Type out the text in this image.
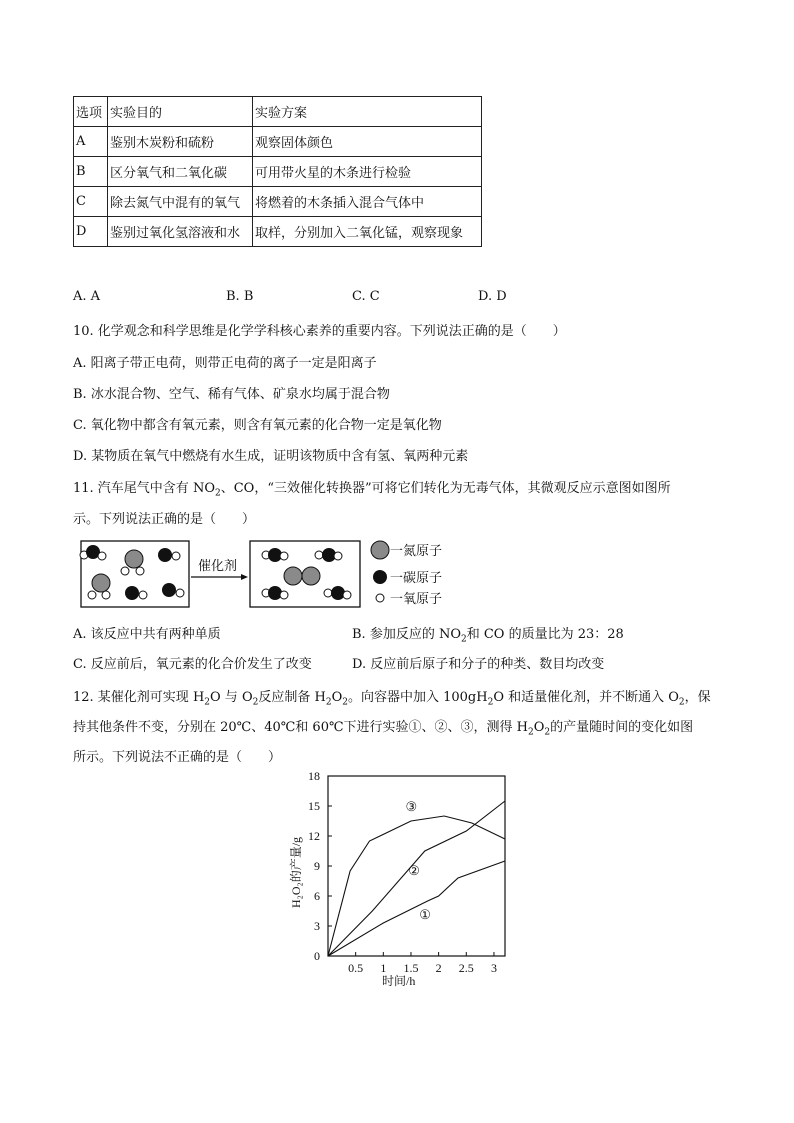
选项	实验目的	实验方案
A	鉴别木炭粉和硫粉	观察固体颜色
B	区分氧气和二氧化碳	可用带火星的木条进行检验
C	除去氮气中混有的氧气	将燃着的木条插入混合气体中
D	鉴别过氧化氢溶液和水	取样，分别加入二氧化锰，观察现象
A. A	B. B	C. C	D. D
10. 化学观念和科学思维是化学学科核心素养的重要内容。下列说法正确的是（　　）
A. 阳离子带正电荷，则带正电荷的离子一定是阳离子
B. 冰水混合物、空气、稀有气体、矿泉水均属于混合物
C. 氧化物中都含有氧元素，则含有氧元素的化合物一定是氧化物
D. 某物质在氧气中燃烧有水生成，证明该物质中含有氢、氧两种元素
11. 汽车尾气中含有 $NO_2$、CO，“三效催化转换器”可将它们转化为无毒气体，其微观反应示意图如图所
示。下列说法正确的是（　　）
催化剂
一氮原子
一碳原子
一氧原子
A. 该反应中共有两种单质	B. 参加反应的 $NO_2$和 CO 的质量比为 23：28
C. 反应前后，氧元素的化合价发生了改变	D. 反应前后原子和分子的种类、数目均改变
12. 某催化剂可实现 $H_2O$ 与 $O_2$反应制备 $H_2O_2$。向容器中加入 $100gH_2O$ 和适量催化剂，并不断通入 $O_2$，保
持其他条件不变，分别在 20℃、40℃和 60℃下进行实验①、②、③，测得 $H_2O_2$的产量随时间的变化如图
所示。下列说法不正确的是（　　）
0
3
6
9
12
15
18
0.5 1 1.5 2 2.5 3
①
②
③
时间/h
H₂O₂的产量/g
